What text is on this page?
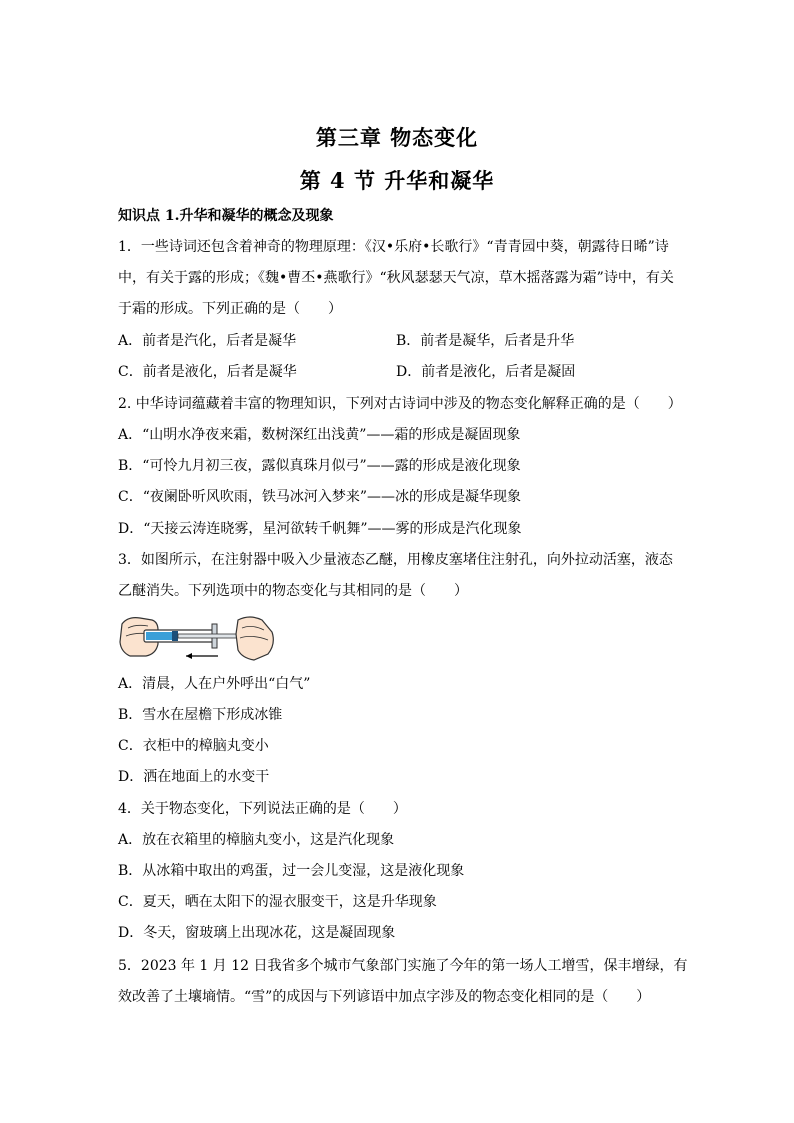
第三章 物态变化
第 4 节 升华和凝华
知识点 1.升华和凝华的概念及现象
1．一些诗词还包含着神奇的物理原理：《汉•乐府•长歌行》“青青园中葵，朝露待日晞”诗
中，有关于露的形成；《魏•曹丕•燕歌行》“秋风瑟瑟天气凉，草木摇落露为霜”诗中，有关
于霜的形成。下列正确的是（　　）
A．前者是汽化，后者是凝华	B．前者是凝华，后者是升华
C．前者是液化，后者是凝华	D．前者是液化，后者是凝固
2. 中华诗词蕴藏着丰富的物理知识，下列对古诗词中涉及的物态变化解释正确的是（　　）
A．“山明水净夜来霜，数树深红出浅黄”——霜的形成是凝固现象
B．“可怜九月初三夜，露似真珠月似弓”——露的形成是液化现象
C．“夜阑卧听风吹雨，铁马冰河入梦来”——冰的形成是凝华现象
D．“天接云涛连晓雾，星河欲转千帆舞”——雾的形成是汽化现象
3．如图所示，在注射器中吸入少量液态乙醚，用橡皮塞堵住注射孔，向外拉动活塞，液态
乙醚消失。下列选项中的物态变化与其相同的是（　　）
A．清晨，人在户外呼出“白气”
B．雪水在屋檐下形成冰锥
C．衣柜中的樟脑丸变小
D．洒在地面上的水变干
4．关于物态变化，下列说法正确的是（　　）
A．放在衣箱里的樟脑丸变小，这是汽化现象
B．从冰箱中取出的鸡蛋，过一会儿变湿，这是液化现象
C．夏天，晒在太阳下的湿衣服变干，这是升华现象
D．冬天，窗玻璃上出现冰花，这是凝固现象
5．2023 年 1 月 12 日我省多个城市气象部门实施了今年的第一场人工增雪，保丰增绿，有
效改善了土壤墒情。“雪”的成因与下列谚语中加点字涉及的物态变化相同的是（　　）
